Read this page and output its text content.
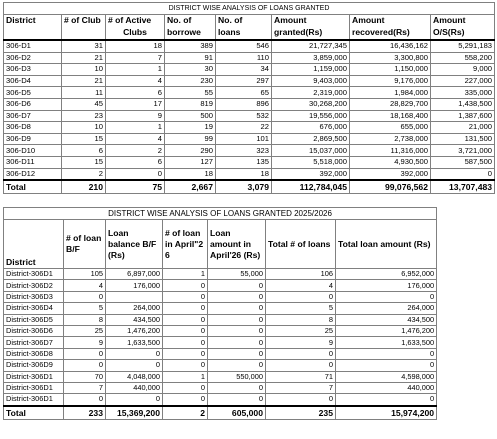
DISTRICT WISE ANALYSIS OF LOANS GRANTED							
District	# of Club	# of Active	No. of	No. of	Amount	Amount	Amount
		Clubs	borrowe	loans	granted(Rs)	recovered(Rs)	O/S(Rs)
306-D1	31	18	389	546	21,727,345	16,436,162	5,291,183
306-D2	21	7	91	110	3,859,000	3,300,800	558,200
306-D3	10	1	30	34	1,159,000	1,150,000	9,000
306-D4	21	4	230	297	9,403,000	9,176,000	227,000
306-D5	11	6	55	65	2,319,000	1,984,000	335,000
306-D6	45	17	819	896	30,268,200	28,829,700	1,438,500
306-D7	23	9	500	532	19,556,000	18,168,400	1,387,600
306-D8	10	1	19	22	676,000	655,000	21,000
306-D9	15	4	99	101	2,869,500	2,738,000	131,500
306-D10	6	2	290	323	15,037,000	11,316,000	3,721,000
306-D11	15	6	127	135	5,518,000	4,930,500	587,500
306-D12	2	0	18	18	392,000	392,000	0
Total	210	75	2,667	3,079	112,784,045	99,076,562	13,707,483
DISTRICT WISE ANALYSIS OF LOANS GRANTED 2025/2026						
District	# of loan B/F	Loan balance B/F (Rs)	# of loan in April"2 6	Loan amount in April'26 (Rs)	Total # of loans	Total loan amount (Rs)
District-306D1	105	6,897,000	1	55,000	106	6,952,000
District-306D2	4	176,000	0	0	4	176,000
District-306D3	0		0	0	0	0
District-306D4	5	264,000	0	0	5	264,000
District-306D5	8	434,500	0	0	8	434,500
District-306D6	25	1,476,200	0	0	25	1,476,200
District-306D7	9	1,633,500	0	0	9	1,633,500
District-306D8	0	0	0	0	0	0
District-306D9	0	0	0	0	0	0
District-306D1	70	4,048,000	1	550,000	71	4,598,000
District-306D1	7	440,000	0	0	7	440,000
District-306D1	0	0	0	0	0	0
Total	233	15,369,200	2	605,000	235	15,974,200
